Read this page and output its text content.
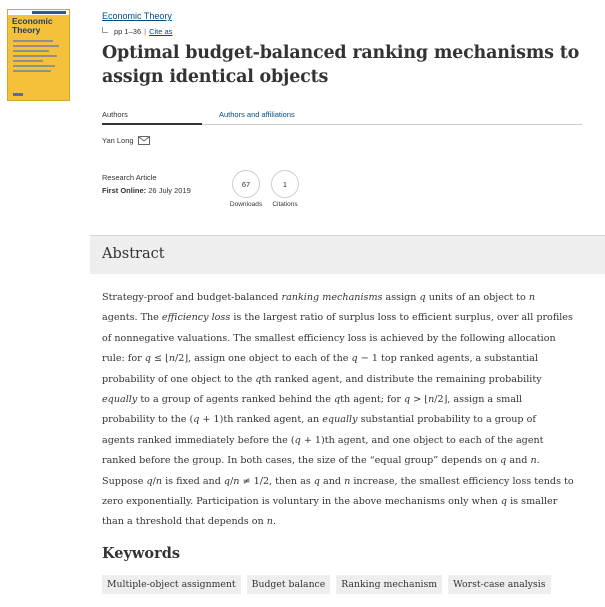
Economic
Theory
Economic Theory
pp 1–36 | Cite as
Optimal budget-balanced ranking mechanisms to assign identical objects
Authors	Authors and affiliations
Yan Long
Research Article
First Online: 26 July 2019
67
Downloads
1
Citations
Abstract
Strategy-proof and budget-balanced ranking mechanisms assign q units of an object to n
agents. The efficiency loss is the largest ratio of surplus loss to efficient surplus, over all profiles
of nonnegative valuations. The smallest efficiency loss is achieved by the following allocation
rule: for q ≤ ⌊n/2⌋, assign one object to each of the q − 1 top ranked agents, a substantial
probability of one object to the qth ranked agent, and distribute the remaining probability
equally to a group of agents ranked behind the qth agent; for q > ⌊n/2⌋, assign a small
probability to the (q + 1)th ranked agent, an equally substantial probability to a group of
agents ranked immediately before the (q + 1)th agent, and one object to each of the agent
ranked before the group. In both cases, the size of the “equal group” depends on q and n.
Suppose q/n is fixed and q/n ≠ 1/2, then as q and n increase, the smallest efficiency loss tends to
zero exponentially. Participation is voluntary in the above mechanisms only when q is smaller
than a threshold that depends on n.
Keywords
Multiple-object assignment	Budget balance	Ranking mechanism	Worst-case analysis
